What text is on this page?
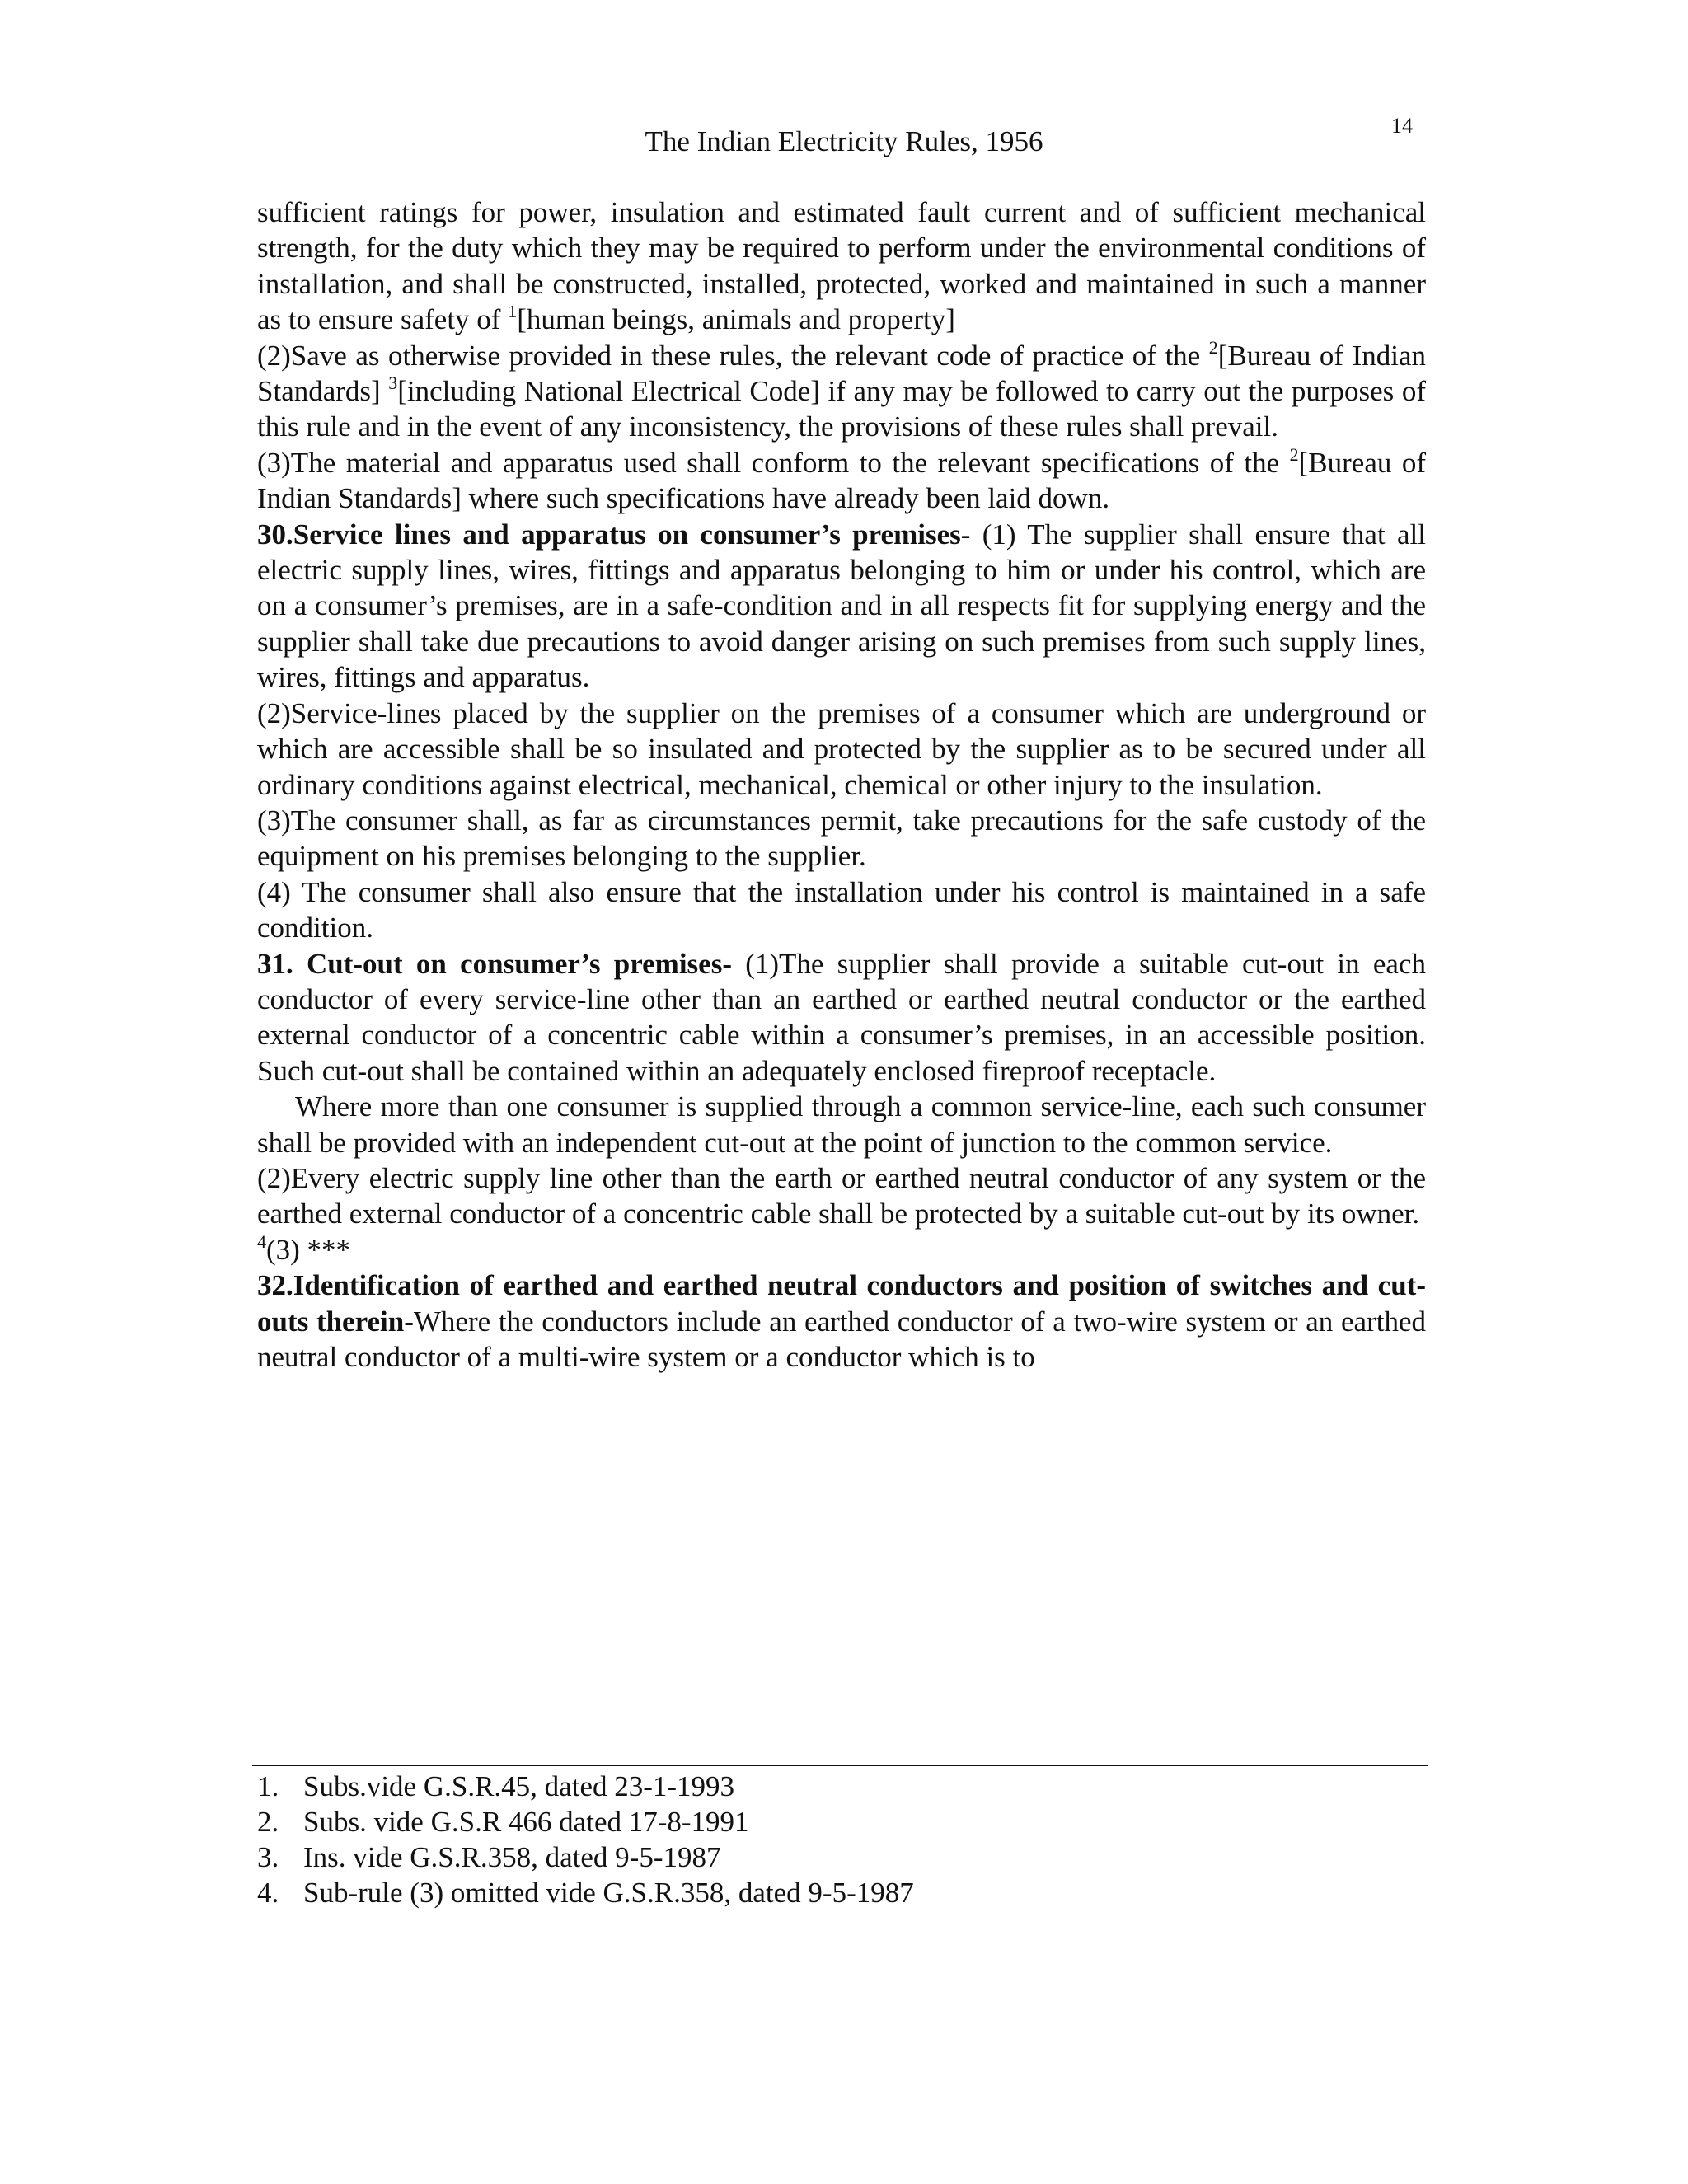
14
The Indian Electricity Rules, 1956

sufficient ratings for power, insulation and estimated fault current and of sufficient mechanical strength, for the duty which they may be required to perform under the environmental conditions of installation, and shall be constructed, installed, protected, worked and maintained in such a manner as to ensure safety of $^1$[human beings, animals and property]

(2)Save as otherwise provided in these rules, the relevant code of practice of the $^2$[Bureau of Indian Standards] $^3$[including National Electrical Code] if any may be followed to carry out the purposes of this rule and in the event of any inconsistency, the provisions of these rules shall prevail.

(3)The material and apparatus used shall conform to the relevant specifications of the $^2$[Bureau of Indian Standards] where such specifications have already been laid down.

30.Service lines and apparatus on consumer’s premises- (1) The supplier shall ensure that all electric supply lines, wires, fittings and apparatus belonging to him or under his control, which are on a consumer’s premises, are in a safe-condition and in all respects fit for supplying energy and the supplier shall take due precautions to avoid danger arising on such premises from such supply lines, wires, fittings and apparatus.

(2)Service-lines placed by the supplier on the premises of a consumer which are underground or which are accessible shall be so insulated and protected by the supplier as to be secured under all ordinary conditions against electrical, mechanical, chemical or other injury to the insulation.

(3)The consumer shall, as far as circumstances permit, take precautions for the safe custody of the equipment on his premises belonging to the supplier.

(4) The consumer shall also ensure that the installation under his control is maintained in a safe condition.

31. Cut-out on consumer’s premises- (1)The supplier shall provide a suitable cut-out in each conductor of every service-line other than an earthed or earthed neutral conductor or the earthed external conductor of a concentric cable within a consumer’s premises, in an accessible position. Such cut-out shall be contained within an adequately enclosed fireproof receptacle.

Where more than one consumer is supplied through a common service-line, each such consumer shall be provided with an independent cut-out at the point of junction to the common service.

(2)Every electric supply line other than the earth or earthed neutral conductor of any system or the earthed external conductor of a concentric cable shall be protected by a suitable cut-out by its owner.

$^4$(3) ***

32.Identification of earthed and earthed neutral conductors and position of switches and cut-outs therein-Where the conductors include an earthed conductor of a two-wire system or an earthed neutral conductor of a multi-wire system or a conductor which is to

1. Subs.vide G.S.R.45, dated 23-1-1993
2. Subs. vide G.S.R 466 dated 17-8-1991
3. Ins. vide G.S.R.358, dated 9-5-1987
4. Sub-rule (3) omitted vide G.S.R.358, dated 9-5-1987
